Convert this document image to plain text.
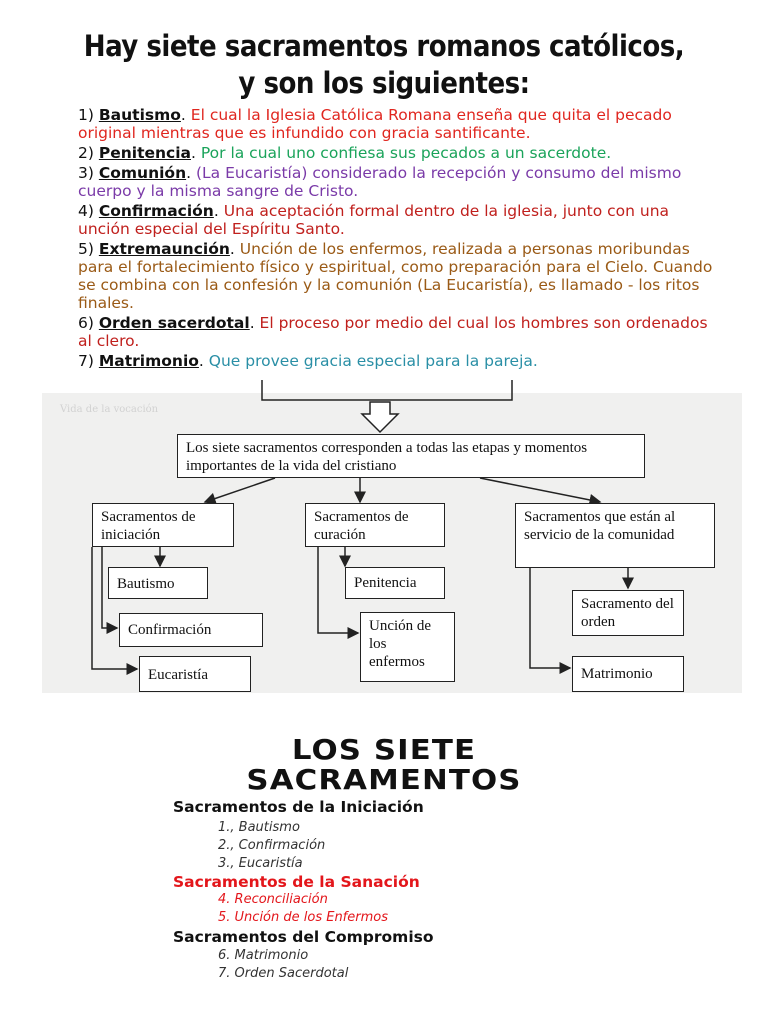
Hay siete sacramentos romanos católicos,
y son los siguientes:
1) Bautismo. El cual la Iglesia Católica Romana enseña que quita el pecado original mientras que es infundido con gracia santificante.
2) Penitencia. Por la cual uno confiesa sus pecados a un sacerdote.
3) Comunión. (La Eucaristía) considerado la recepción y consumo del mismo cuerpo y la misma sangre de Cristo.
4) Confirmación. Una aceptación formal dentro de la iglesia, junto con una unción especial del Espíritu Santo.
5) Extremaunción. Unción de los enfermos, realizada a personas moribundas para el fortalecimiento físico y espiritual, como preparación para el Cielo. Cuando se combina con la confesión y la comunión (La Eucaristía), es llamado - los ritos finales.
6) Orden sacerdotal. El proceso por medio del cual los hombres son ordenados al clero.
7) Matrimonio. Que provee gracia especial para la pareja.
Vida de la vocación
Los siete sacramentos corresponden a todas las etapas y momentos importantes de la vida del cristiano
Sacramentos de iniciación
Sacramentos de curación
Sacramentos que están al servicio de la comunidad
Bautismo
Confirmación
Eucaristía
Penitencia
Unción de los enfermos
Sacramento del orden
Matrimonio
LOS SIETE
SACRAMENTOS
Sacramentos de la Iniciación
1., Bautismo
2., Confirmación
3., Eucaristía
Sacramentos de la Sanación
4. Reconciliación
5. Unción de los Enfermos
Sacramentos del Compromiso
6. Matrimonio
7. Orden Sacerdotal
